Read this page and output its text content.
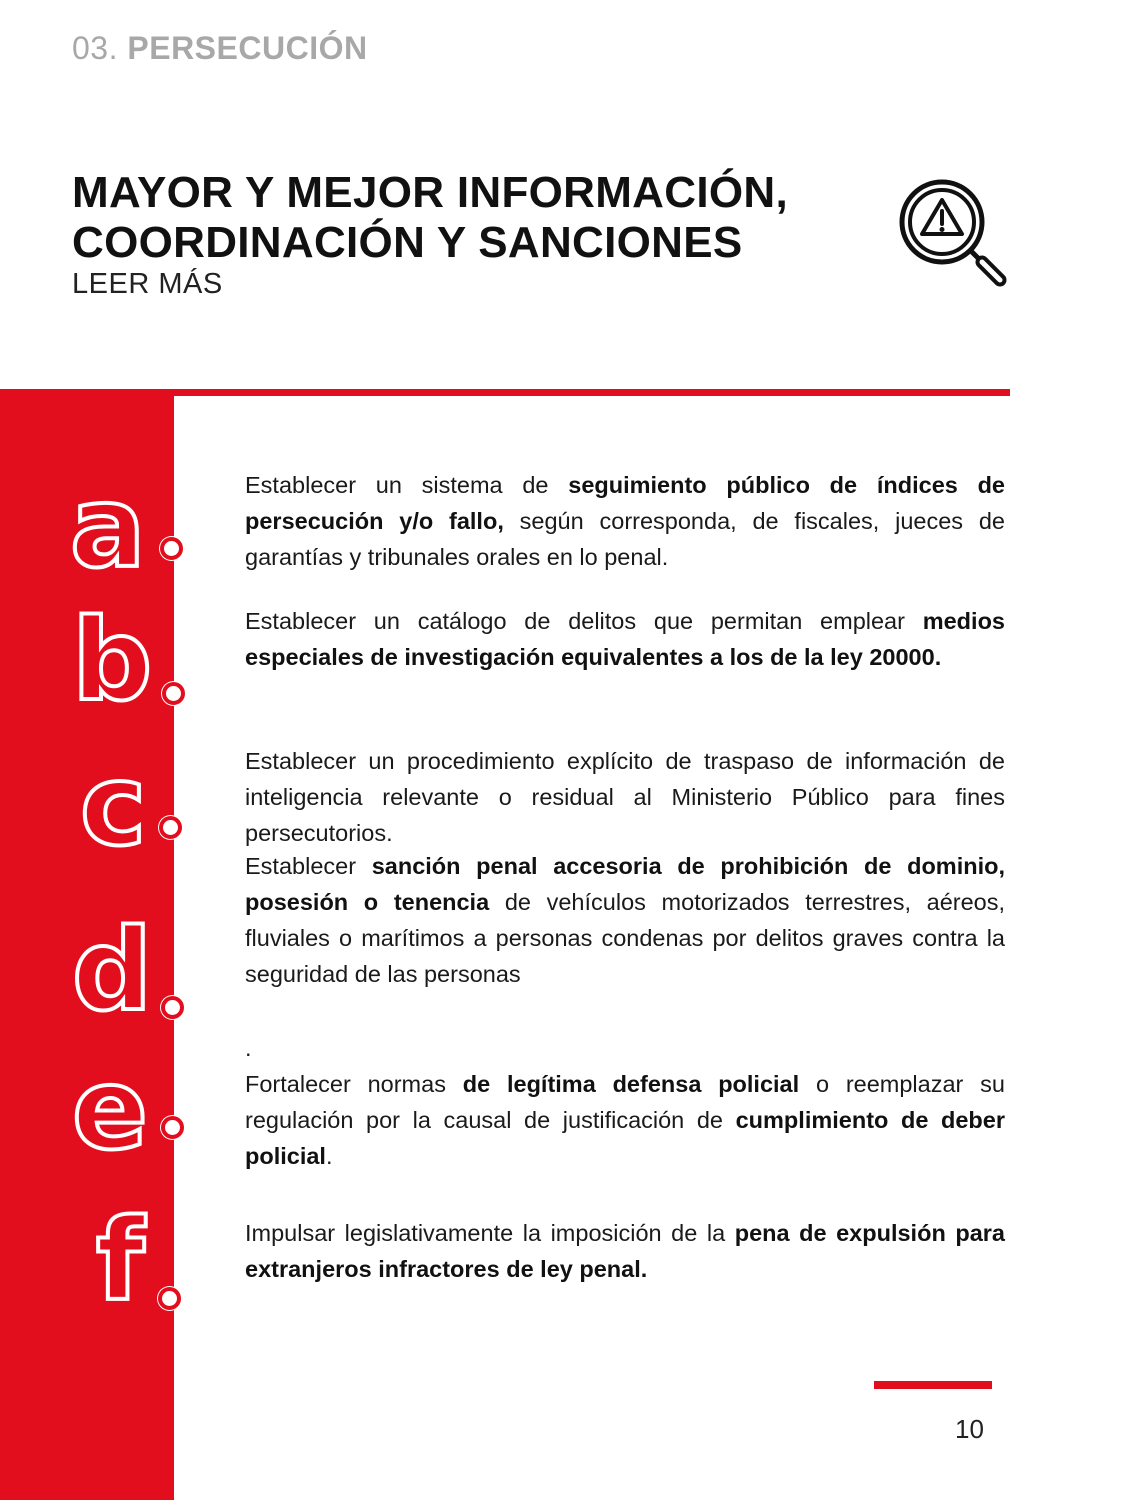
03. PERSECUCIÓN
MAYOR Y MEJOR INFORMACIÓN,
COORDINACIÓN Y SANCIONES
LEER MÁS
a
b
c
d
e
f

Establecer un sistema de seguimiento público de índices de persecución y/o fallo, según corresponda, de fiscales, jueces de garantías y tribunales orales en lo penal.

Establecer un catálogo de delitos que permitan emplear medios especiales de investigación equivalentes a los de la ley 20000.

Establecer un procedimiento explícito de traspaso de información de inteligencia relevante o residual al Ministerio Público para fines persecutorios.

Establecer sanción penal accesoria de prohibición de dominio, posesión o tenencia de vehículos motorizados terrestres, aéreos, fluviales o marítimos a personas condenas por delitos graves contra la seguridad de las personas

.

Fortalecer normas de legítima defensa policial o reemplazar su regulación por la causal de justificación de cumplimiento de deber policial.

Impulsar legislativamente la imposición de la pena de expulsión para extranjeros infractores de ley penal.

10
